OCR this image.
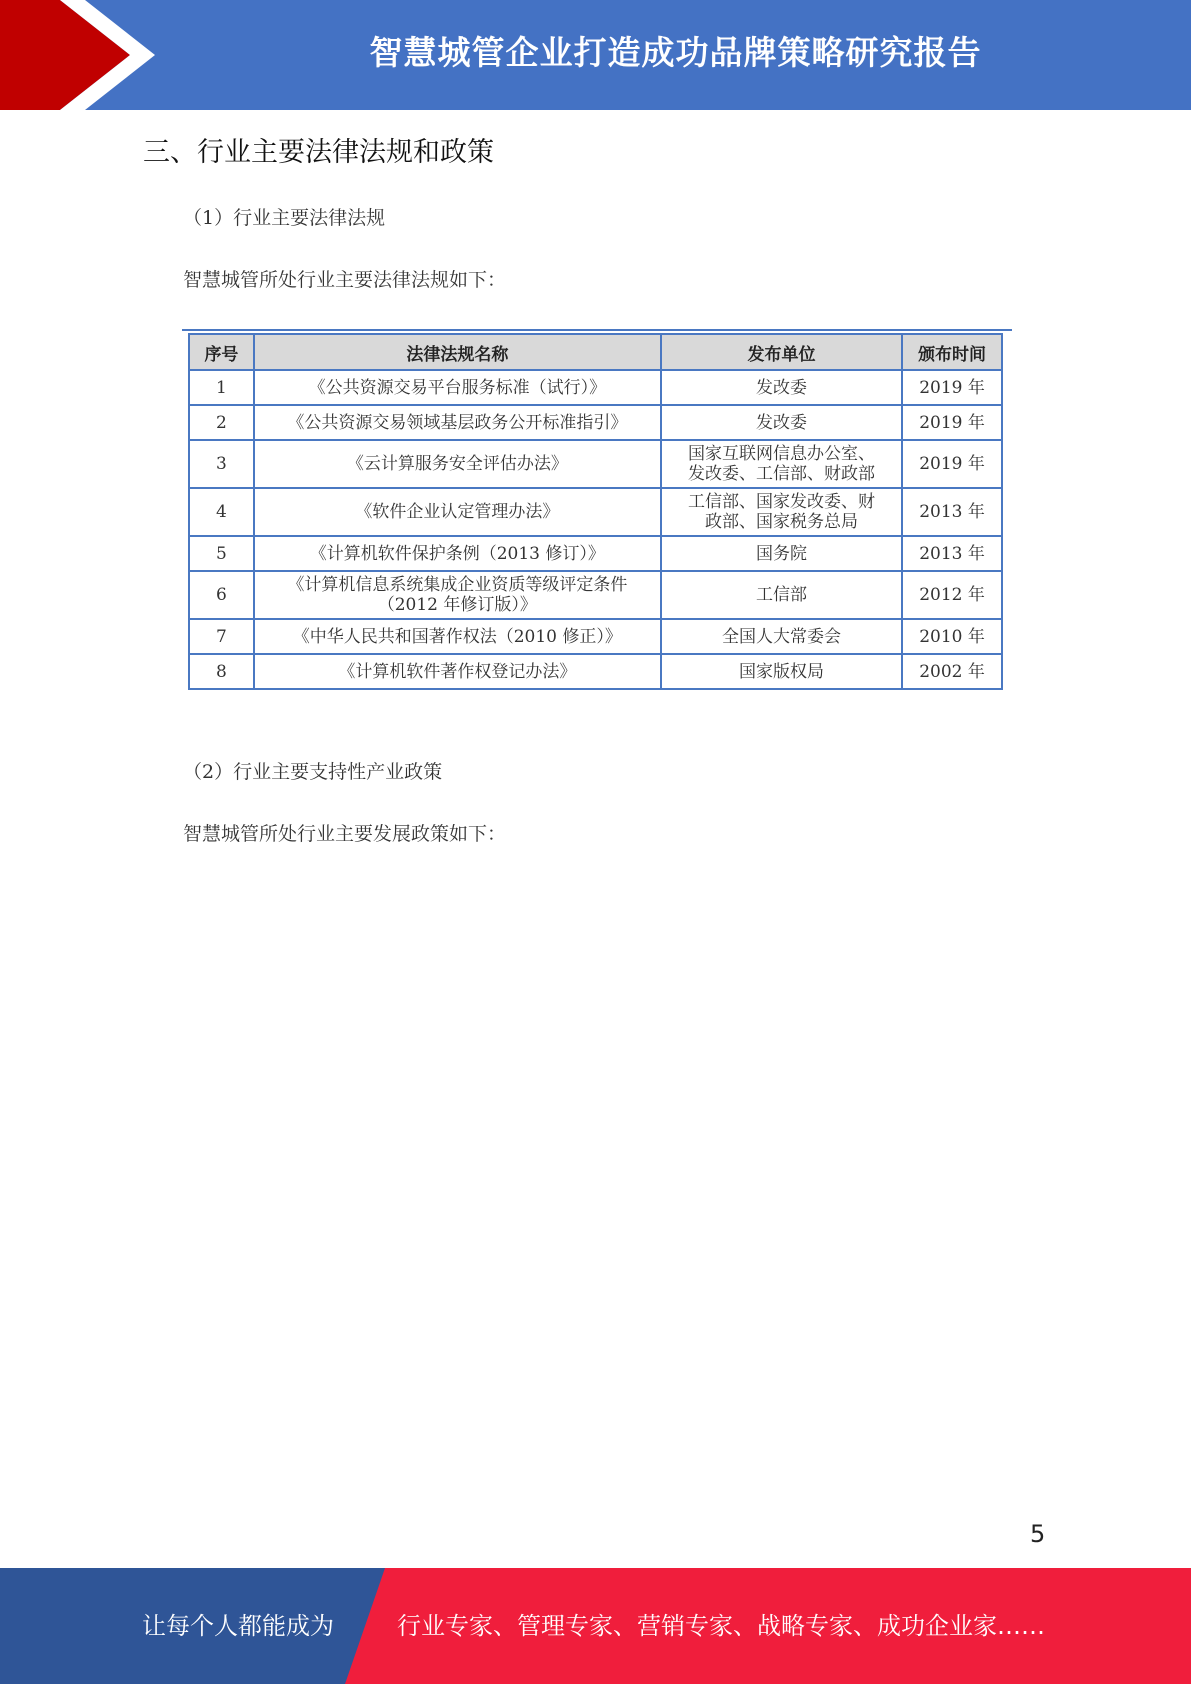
智慧城管企业打造成功品牌策略研究报告
三、行业主要法律法规和政策
（1）行业主要法律法规
智慧城管所处行业主要法律法规如下：
序号	法律法规名称	发布单位	颁布时间
1	《公共资源交易平台服务标准（试行）》	发改委	2019 年
2	《公共资源交易领域基层政务公开标准指引》	发改委	2019 年
3	《云计算服务安全评估办法》	国家互联网信息办公室、
发改委、工信部、财政部	2019 年
4	《软件企业认定管理办法》	工信部、国家发改委、财
政部、国家税务总局	2013 年
5	《计算机软件保护条例（2013 修订）》	国务院	2013 年
6	《计算机信息系统集成企业资质等级评定条件
（2012 年修订版）》	工信部	2012 年
7	《中华人民共和国著作权法（2010 修正）》	全国人大常委会	2010 年
8	《计算机软件著作权登记办法》	国家版权局	2002 年
（2）行业主要支持性产业政策
智慧城管所处行业主要发展政策如下：
5
让每个人都能成为	行业专家、管理专家、营销专家、战略专家、成功企业家……
